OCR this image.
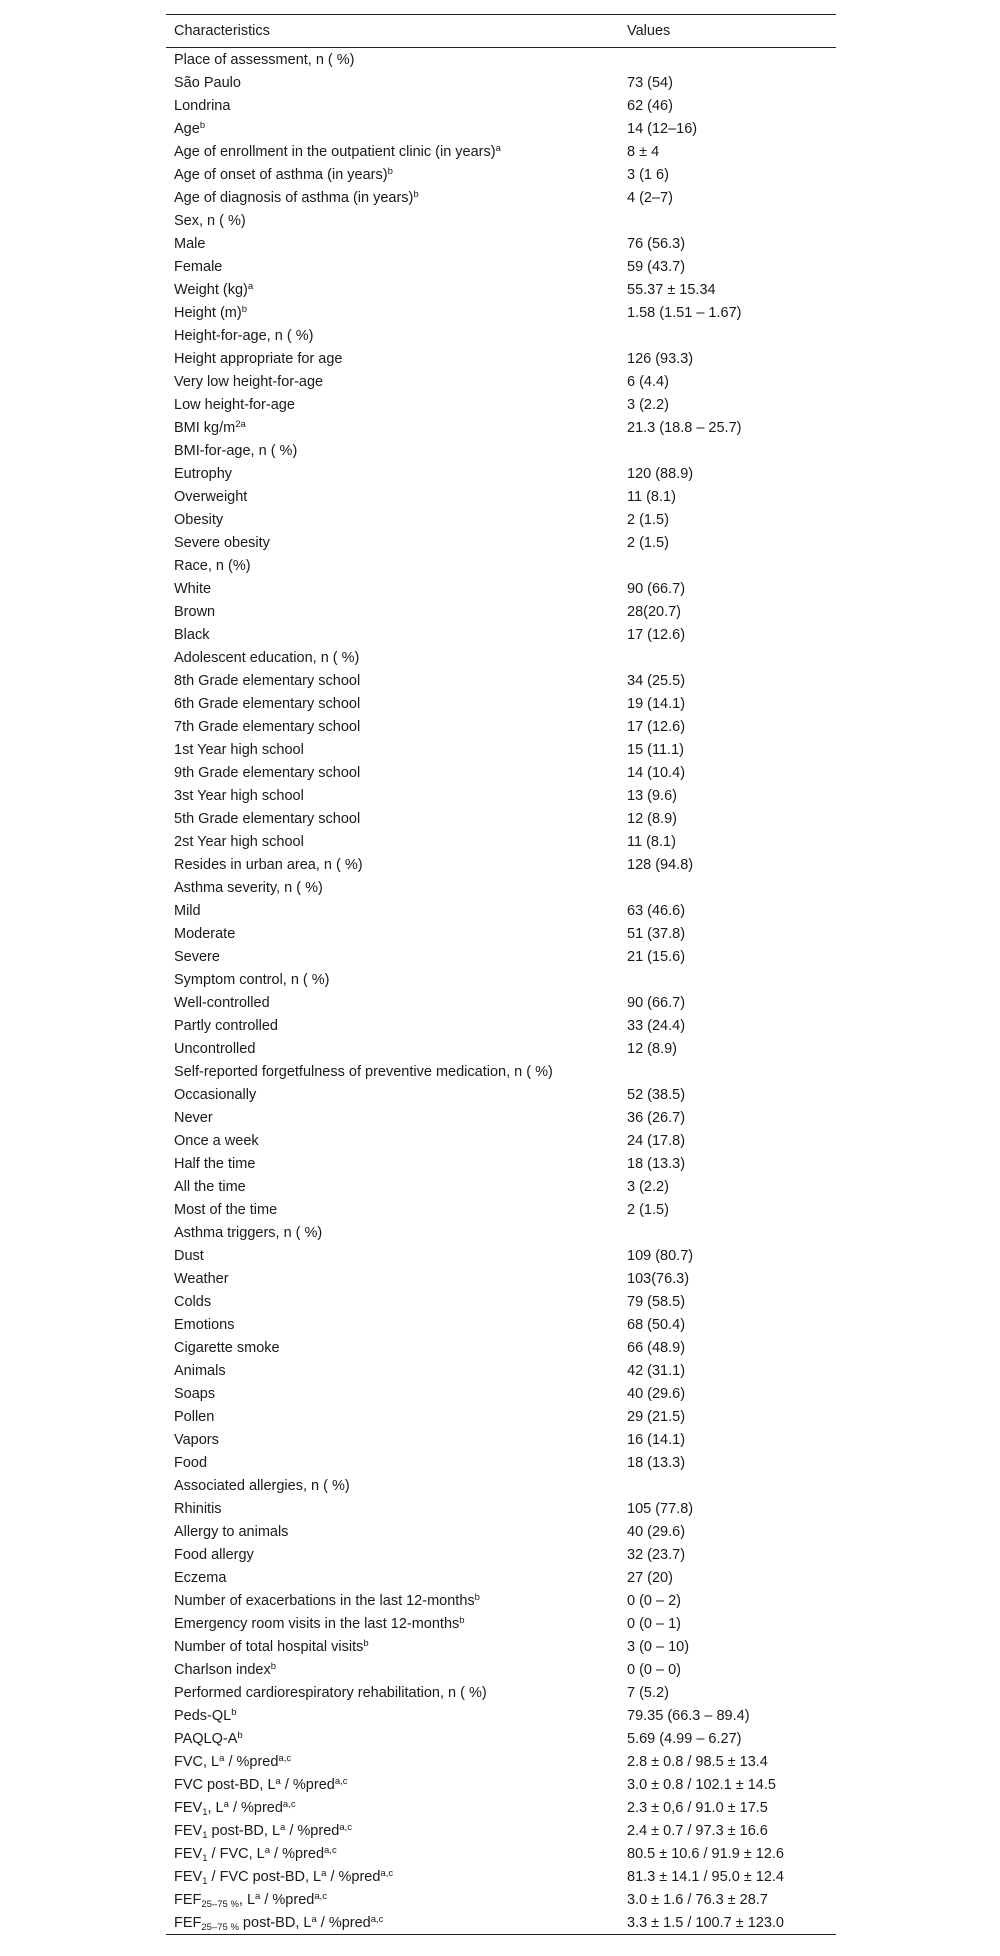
Characteristics	Values
Place of assessment, n ( %)
São Paulo	73 (54)
Londrina	62 (46)
Age$^b$	14 (12–16)
Age of enrollment in the outpatient clinic (in years)$^a$	8 ± 4
Age of onset of asthma (in years)$^b$	3 (1 6)
Age of diagnosis of asthma (in years)$^b$	4 (2–7)
Sex, n ( %)
Male	76 (56.3)
Female	59 (43.7)
Weight (kg)$^a$	55.37 ± 15.34
Height $(m)^b$	1.58 (1.51 – 1.67)
Height-for-age, n ( %)
Height appropriate for age	126 (93.3)
Very low height-for-age	6 (4.4)
Low height-for-age	3 (2.2)
BMI $kg/m^{2a}$	21.3 (18.8 – 25.7)
BMI-for-age, n ( %)
Eutrophy	120 (88.9)
Overweight	11 (8.1)
Obesity	2 (1.5)
Severe obesity	2 (1.5)
Race, n (%)
White	90 (66.7)
Brown	28(20.7)
Black	17 (12.6)
Adolescent education, n ( %)
8th Grade elementary school	34 (25.5)
6th Grade elementary school	19 (14.1)
7th Grade elementary school	17 (12.6)
1st Year high school	15 (11.1)
9th Grade elementary school	14 (10.4)
3st Year high school	13 (9.6)
5th Grade elementary school	12 (8.9)
2st Year high school	11 (8.1)
Resides in urban area, n ( %)	128 (94.8)
Asthma severity, n ( %)
Mild	63 (46.6)
Moderate	51 (37.8)
Severe	21 (15.6)
Symptom control, n ( %)
Well-controlled	90 (66.7)
Partly controlled	33 (24.4)
Uncontrolled	12 (8.9)
Self-reported forgetfulness of preventive medication, n ( %)
Occasionally	52 (38.5)
Never	36 (26.7)
Once a week	24 (17.8)
Half the time	18 (13.3)
All the time	3 (2.2)
Most of the time	2 (1.5)
Asthma triggers, n ( %)
Dust	109 (80.7)
Weather	103(76.3)
Colds	79 (58.5)
Emotions	68 (50.4)
Cigarette smoke	66 (48.9)
Animals	42 (31.1)
Soaps	40 (29.6)
Pollen	29 (21.5)
Vapors	16 (14.1)
Food	18 (13.3)
Associated allergies, n ( %)
Rhinitis	105 (77.8)
Allergy to animals	40 (29.6)
Food allergy	32 (23.7)
Eczema	27 (20)
Number of exacerbations in the last 12-months$^b$	0 (0 – 2)
Emergency room visits in the last 12-months$^b$	0 (0 – 1)
Number of total hospital visits$^b$	3 (0 – 10)
Charlson index$^b$	0 (0 – 0)
Performed cardiorespiratory rehabilitation, n ( %)	7 (5.2)
Peds-$QL^b$	79.35 (66.3 – 89.4)
PAQLQ-$A^b$	5.69 (4.99 – 6.27)
FVC, $L^a$ / %pred$^{a,c}$	2.8 ± 0.8 / 98.5 ± 13.4
FVC post-BD, $L^a$ / %pred$^{a,c}$	3.0 ± 0.8 / 102.1 ± 14.5
$FEV_1$, $L^a$ / %pred$^{a,c}$	2.3 ± 0,6 / 91.0 ± 17.5
$FEV_1$ post-BD, $L^a$ / %pred$^{a,c}$	2.4 ± 0.7 / 97.3 ± 16.6
$FEV_1$ / FVC, $L^a$ / %pred$^{a,c}$	80.5 ± 10.6 / 91.9 ± 12.6
$FEV_1$ / FVC post-BD, $L^a$ / %pred$^{a,c}$	81.3 ± 14.1 / 95.0 ± 12.4
$FEF_{25-75 \%}$, $L^a$ / %pred$^{a,c}$	3.0 ± 1.6 / 76.3 ± 28.7
$FEF_{25-75 \%}$ post-BD, $L^a$ / %pred$^{a,c}$	3.3 ± 1.5 / 100.7 ± 123.0
